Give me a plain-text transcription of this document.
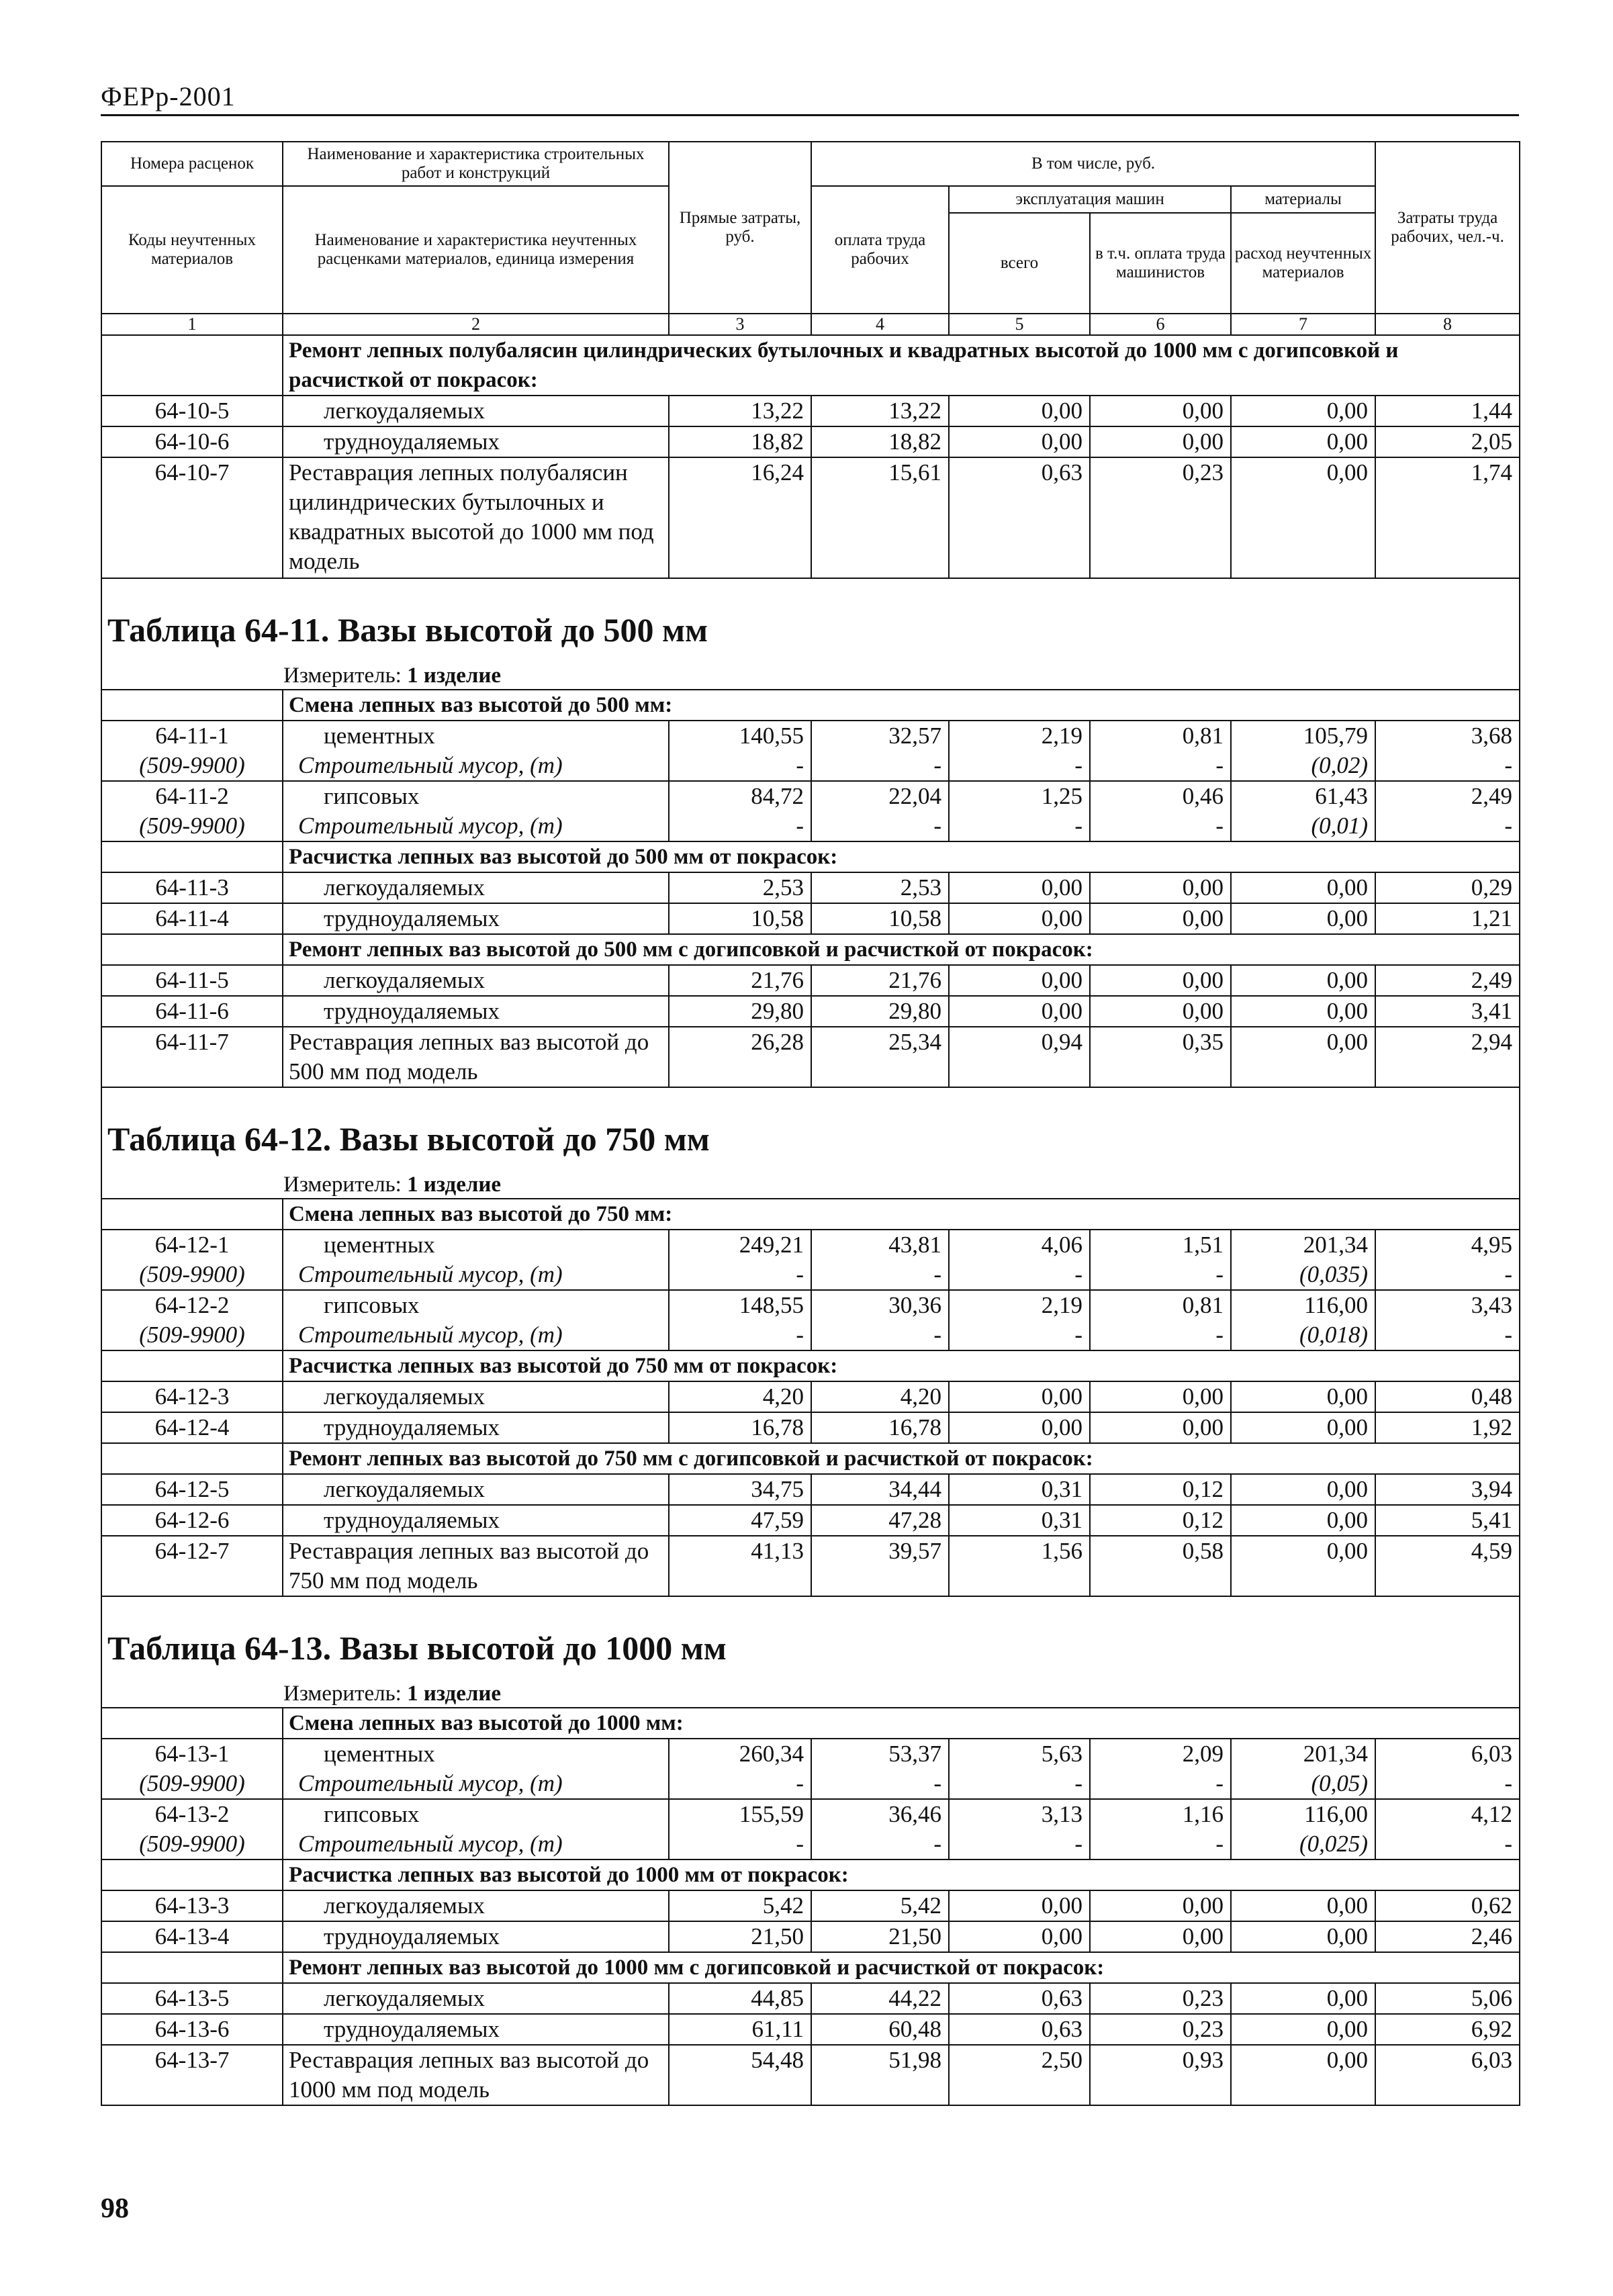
ФЕРр-2001
Номера расценок	Наименование и характеристика строительных работ и конструкций	Прямые затраты, руб.	В том числе, руб.				Затраты труда рабочих, чел.-ч.
Коды неучтенных материалов	Наименование и характеристика неучтенных расценками материалов, единица измерения		оплата труда рабочих	эксплуатация машин		материалы	
				всего	в т.ч. оплата труда машинистов	расход неучтенных материалов	
1	2	3	4	5	6	7	8
	Ремонт лепных полубалясин цилиндрических бутылочных и квадратных высотой до 1000 мм с догипсовкой и расчисткой от покрасок:						
64-10-5	легкоудаляемых	13,22	13,22	0,00	0,00	0,00	1,44
64-10-6	трудноудаляемых	18,82	18,82	0,00	0,00	0,00	2,05
64-10-7	Реставрация лепных полубалясин цилиндрических бутылочных и квадратных высотой до 1000 мм под модель	16,24	15,61	0,63	0,23	0,00	1,74
Таблица 64-11. Вазы высотой до 500 мм							
Измеритель: 1 изделие							
	Смена лепных ваз высотой до 500 мм:						
64-11-1	цементных	140,55	32,57	2,19	0,81	105,79	3,68
(509-9900)	Строительный мусор, (т)	-	-	-	-	(0,02)	-
64-11-2	гипсовых	84,72	22,04	1,25	0,46	61,43	2,49
(509-9900)	Строительный мусор, (т)	-	-	-	-	(0,01)	-
	Расчистка лепных ваз высотой до 500 мм от покрасок:						
64-11-3	легкоудаляемых	2,53	2,53	0,00	0,00	0,00	0,29
64-11-4	трудноудаляемых	10,58	10,58	0,00	0,00	0,00	1,21
	Ремонт лепных ваз высотой до 500 мм с догипсовкой и расчисткой от покрасок:						
64-11-5	легкоудаляемых	21,76	21,76	0,00	0,00	0,00	2,49
64-11-6	трудноудаляемых	29,80	29,80	0,00	0,00	0,00	3,41
64-11-7	Реставрация лепных ваз высотой до 500 мм под модель	26,28	25,34	0,94	0,35	0,00	2,94
Таблица 64-12. Вазы высотой до 750 мм							
Измеритель: 1 изделие							
	Смена лепных ваз высотой до 750 мм:						
64-12-1	цементных	249,21	43,81	4,06	1,51	201,34	4,95
(509-9900)	Строительный мусор, (т)	-	-	-	-	(0,035)	-
64-12-2	гипсовых	148,55	30,36	2,19	0,81	116,00	3,43
(509-9900)	Строительный мусор, (т)	-	-	-	-	(0,018)	-
	Расчистка лепных ваз высотой до 750 мм от покрасок:						
64-12-3	легкоудаляемых	4,20	4,20	0,00	0,00	0,00	0,48
64-12-4	трудноудаляемых	16,78	16,78	0,00	0,00	0,00	1,92
	Ремонт лепных ваз высотой до 750 мм с догипсовкой и расчисткой от покрасок:						
64-12-5	легкоудаляемых	34,75	34,44	0,31	0,12	0,00	3,94
64-12-6	трудноудаляемых	47,59	47,28	0,31	0,12	0,00	5,41
64-12-7	Реставрация лепных ваз высотой до 750 мм под модель	41,13	39,57	1,56	0,58	0,00	4,59
Таблица 64-13. Вазы высотой до 1000 мм							
Измеритель: 1 изделие							
	Смена лепных ваз высотой до 1000 мм:						
64-13-1	цементных	260,34	53,37	5,63	2,09	201,34	6,03
(509-9900)	Строительный мусор, (т)	-	-	-	-	(0,05)	-
64-13-2	гипсовых	155,59	36,46	3,13	1,16	116,00	4,12
(509-9900)	Строительный мусор, (т)	-	-	-	-	(0,025)	-
	Расчистка лепных ваз высотой до 1000 мм от покрасок:						
64-13-3	легкоудаляемых	5,42	5,42	0,00	0,00	0,00	0,62
64-13-4	трудноудаляемых	21,50	21,50	0,00	0,00	0,00	2,46
	Ремонт лепных ваз высотой до 1000 мм с догипсовкой и расчисткой от покрасок:						
64-13-5	легкоудаляемых	44,85	44,22	0,63	0,23	0,00	5,06
64-13-6	трудноудаляемых	61,11	60,48	0,63	0,23	0,00	6,92
64-13-7	Реставрация лепных ваз высотой до 1000 мм под модель	54,48	51,98	2,50	0,93	0,00	6,03
98
